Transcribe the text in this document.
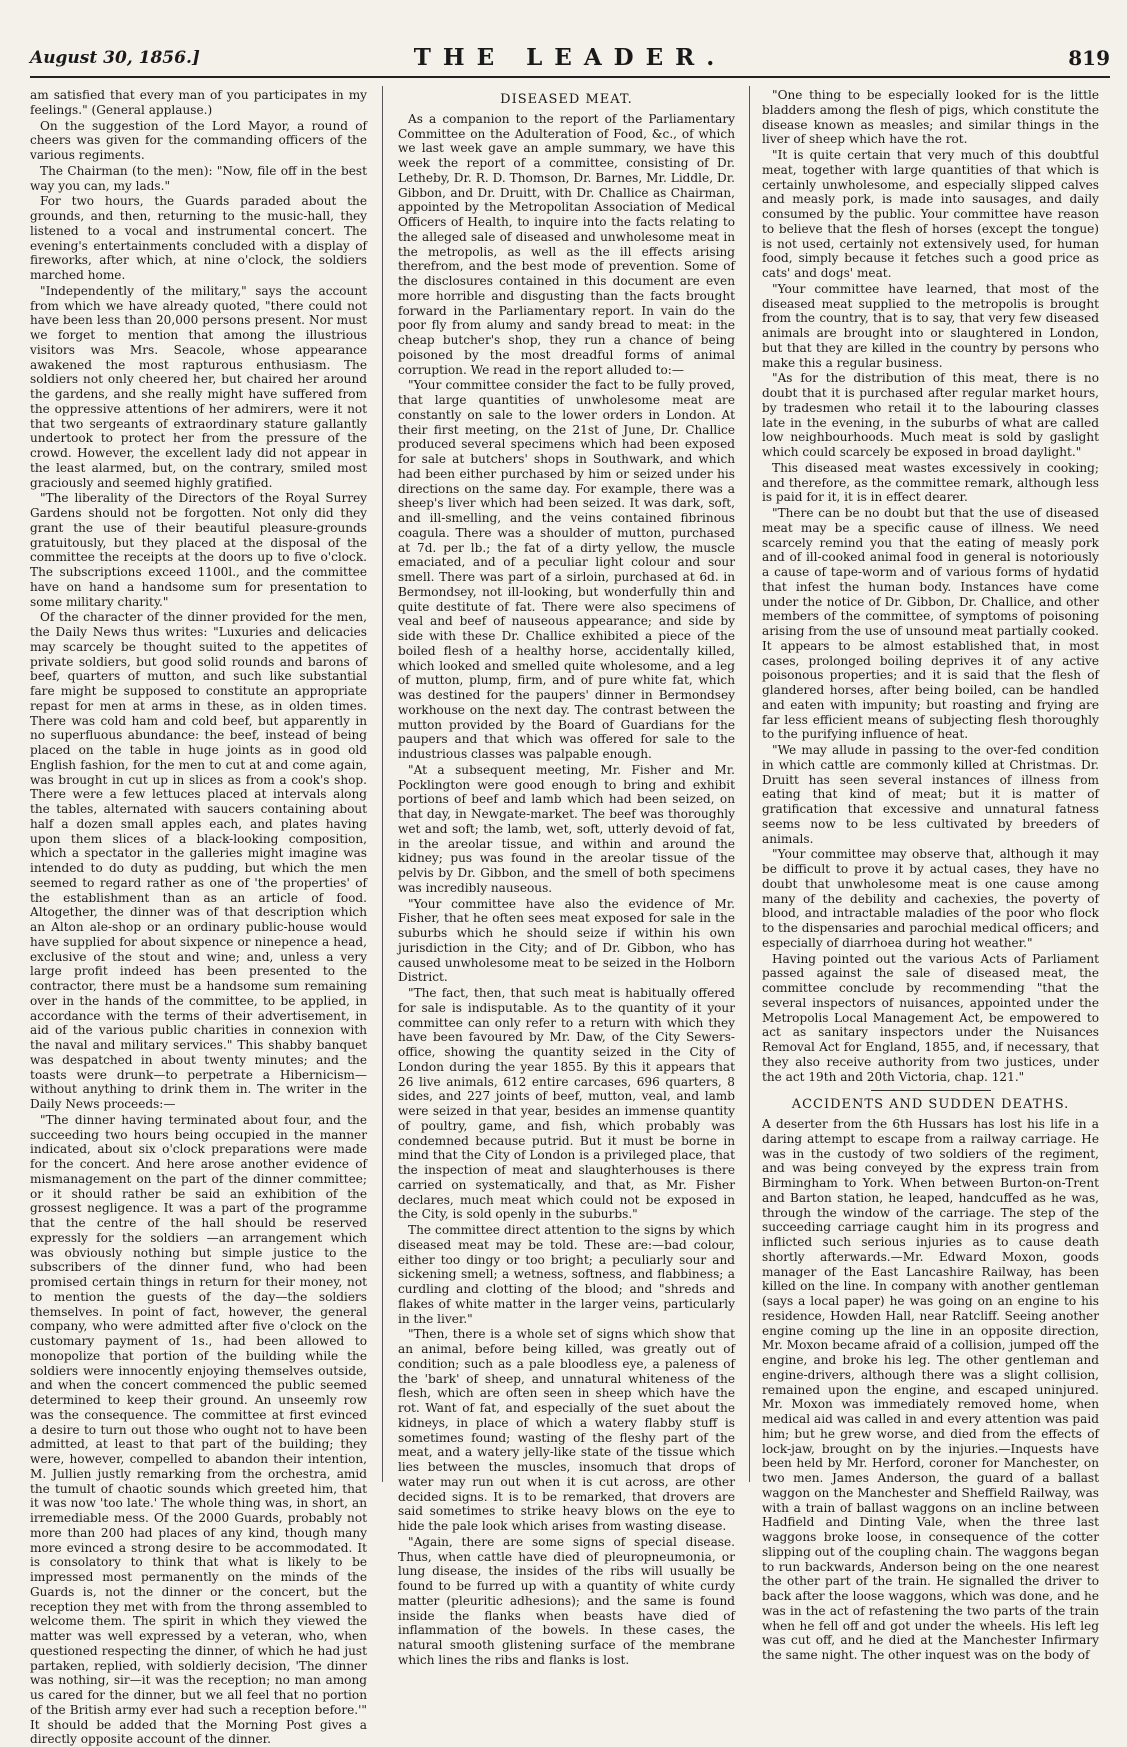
August 30, 1856.]	THE LEADER.	819

am satisfied that every man of you participates in my feelings." (General applause.)

On the suggestion of the Lord Mayor, a round of cheers was given for the commanding officers of the various regiments.

The Chairman (to the men): "Now, file off in the best way you can, my lads."

For two hours, the Guards paraded about the grounds, and then, returning to the music-hall, they listened to a vocal and instrumental concert. The evening's entertainments concluded with a display of fireworks, after which, at nine o'clock, the soldiers marched home.

"Independently of the military," says the account from which we have already quoted, "there could not have been less than 20,000 persons present. Nor must we forget to mention that among the illustrious visitors was Mrs. Seacole, whose appearance awakened the most rapturous enthusiasm. The soldiers not only cheered her, but chaired her around the gardens, and she really might have suffered from the oppressive attentions of her admirers, were it not that two sergeants of extraordinary stature gallantly undertook to protect her from the pressure of the crowd. However, the excellent lady did not appear in the least alarmed, but, on the contrary, smiled most graciously and seemed highly gratified.

"The liberality of the Directors of the Royal Surrey Gardens should not be forgotten. Not only did they grant the use of their beautiful pleasure-grounds gratuitously, but they placed at the disposal of the committee the receipts at the doors up to five o'clock. The subscriptions exceed 1100l., and the committee have on hand a handsome sum for presentation to some military charity."

Of the character of the dinner provided for the men, the Daily News thus writes: "Luxuries and delicacies may scarcely be thought suited to the appetites of private soldiers, but good solid rounds and barons of beef, quarters of mutton, and such like substantial fare might be supposed to constitute an appropriate repast for men at arms in these, as in olden times. There was cold ham and cold beef, but apparently in no superfluous abundance: the beef, instead of being placed on the table in huge joints as in good old English fashion, for the men to cut at and come again, was brought in cut up in slices as from a cook's shop. There were a few lettuces placed at intervals along the tables, alternated with saucers containing about half a dozen small apples each, and plates having upon them slices of a black-looking composition, which a spectator in the galleries might imagine was intended to do duty as pudding, but which the men seemed to regard rather as one of 'the properties' of the establishment than as an article of food. Altogether, the dinner was of that description which an Alton ale-shop or an ordinary public-house would have supplied for about sixpence or ninepence a head, exclusive of the stout and wine; and, unless a very large profit indeed has been presented to the contractor, there must be a handsome sum remaining over in the hands of the committee, to be applied, in accordance with the terms of their advertisement, in aid of the various public charities in connexion with the naval and military services." This shabby banquet was despatched in about twenty minutes; and the toasts were drunk—to perpetrate a Hibernicism—without anything to drink them in. The writer in the Daily News proceeds:—

"The dinner having terminated about four, and the succeeding two hours being occupied in the manner indicated, about six o'clock preparations were made for the concert. And here arose another evidence of mismanagement on the part of the dinner committee; or it should rather be said an exhibition of the grossest negligence. It was a part of the programme that the centre of the hall should be reserved expressly for the soldiers —an arrangement which was obviously nothing but simple justice to the subscribers of the dinner fund, who had been promised certain things in return for their money, not to mention the guests of the day—the soldiers themselves. In point of fact, however, the general company, who were admitted after five o'clock on the customary payment of 1s., had been allowed to monopolize that portion of the building while the soldiers were innocently enjoying themselves outside, and when the concert commenced the public seemed determined to keep their ground. An unseemly row was the consequence. The committee at first evinced a desire to turn out those who ought not to have been admitted, at least to that part of the building; they were, however, compelled to abandon their intention, M. Jullien justly remarking from the orchestra, amid the tumult of chaotic sounds which greeted him, that it was now 'too late.' The whole thing was, in short, an irremediable mess. Of the 2000 Guards, probably not more than 200 had places of any kind, though many more evinced a strong desire to be accommodated. It is consolatory to think that what is likely to be impressed most permanently on the minds of the Guards is, not the dinner or the concert, but the reception they met with from the throng assembled to welcome them. The spirit in which they viewed the matter was well expressed by a veteran, who, when questioned respecting the dinner, of which he had just partaken, replied, with soldierly decision, 'The dinner was nothing, sir—it was the reception; no man among us cared for the dinner, but we all feel that no portion of the British army ever had such a reception before.'" It should be added that the Morning Post gives a directly opposite account of the dinner.

DISEASED MEAT.

As a companion to the report of the Parliamentary Committee on the Adulteration of Food, &c., of which we last week gave an ample summary, we have this week the report of a committee, consisting of Dr. Letheby, Dr. R. D. Thomson, Dr. Barnes, Mr. Liddle, Dr. Gibbon, and Dr. Druitt, with Dr. Challice as Chairman, appointed by the Metropolitan Association of Medical Officers of Health, to inquire into the facts relating to the alleged sale of diseased and unwholesome meat in the metropolis, as well as the ill effects arising therefrom, and the best mode of prevention. Some of the disclosures contained in this document are even more horrible and disgusting than the facts brought forward in the Parliamentary report. In vain do the poor fly from alumy and sandy bread to meat: in the cheap butcher's shop, they run a chance of being poisoned by the most dreadful forms of animal corruption. We read in the report alluded to:—

"Your committee consider the fact to be fully proved, that large quantities of unwholesome meat are constantly on sale to the lower orders in London. At their first meeting, on the 21st of June, Dr. Challice produced several specimens which had been exposed for sale at butchers' shops in Southwark, and which had been either purchased by him or seized under his directions on the same day. For example, there was a sheep's liver which had been seized. It was dark, soft, and ill-smelling, and the veins contained fibrinous coagula. There was a shoulder of mutton, purchased at 7d. per lb.; the fat of a dirty yellow, the muscle emaciated, and of a peculiar light colour and sour smell. There was part of a sirloin, purchased at 6d. in Bermondsey, not ill-looking, but wonderfully thin and quite destitute of fat. There were also specimens of veal and beef of nauseous appearance; and side by side with these Dr. Challice exhibited a piece of the boiled flesh of a healthy horse, accidentally killed, which looked and smelled quite wholesome, and a leg of mutton, plump, firm, and of pure white fat, which was destined for the paupers' dinner in Bermondsey workhouse on the next day. The contrast between the mutton provided by the Board of Guardians for the paupers and that which was offered for sale to the industrious classes was palpable enough.

"At a subsequent meeting, Mr. Fisher and Mr. Pocklington were good enough to bring and exhibit portions of beef and lamb which had been seized, on that day, in Newgate-market. The beef was thoroughly wet and soft; the lamb, wet, soft, utterly devoid of fat, in the areolar tissue, and within and around the kidney; pus was found in the areolar tissue of the pelvis by Dr. Gibbon, and the smell of both specimens was incredibly nauseous.

"Your committee have also the evidence of Mr. Fisher, that he often sees meat exposed for sale in the suburbs which he should seize if within his own jurisdiction in the City; and of Dr. Gibbon, who has caused unwholesome meat to be seized in the Holborn District.

"The fact, then, that such meat is habitually offered for sale is indisputable. As to the quantity of it your committee can only refer to a return with which they have been favoured by Mr. Daw, of the City Sewers-office, showing the quantity seized in the City of London during the year 1855. By this it appears that 26 live animals, 612 entire carcases, 696 quarters, 8 sides, and 227 joints of beef, mutton, veal, and lamb were seized in that year, besides an immense quantity of poultry, game, and fish, which probably was condemned because putrid. But it must be borne in mind that the City of London is a privileged place, that the inspection of meat and slaughterhouses is there carried on systematically, and that, as Mr. Fisher declares, much meat which could not be exposed in the City, is sold openly in the suburbs."

The committee direct attention to the signs by which diseased meat may be told. These are:—bad colour, either too dingy or too bright; a peculiarly sour and sickening smell; a wetness, softness, and flabbiness; a curdling and clotting of the blood; and "shreds and flakes of white matter in the larger veins, particularly in the liver."

"Then, there is a whole set of signs which show that an animal, before being killed, was greatly out of condition; such as a pale bloodless eye, a paleness of the 'bark' of sheep, and unnatural whiteness of the flesh, which are often seen in sheep which have the rot. Want of fat, and especially of the suet about the kidneys, in place of which a watery flabby stuff is sometimes found; wasting of the fleshy part of the meat, and a watery jelly-like state of the tissue which lies between the muscles, insomuch that drops of water may run out when it is cut across, are other decided signs. It is to be remarked, that drovers are said sometimes to strike heavy blows on the eye to hide the pale look which arises from wasting disease.

"Again, there are some signs of special disease. Thus, when cattle have died of pleuropneumonia, or lung disease, the insides of the ribs will usually be found to be furred up with a quantity of white curdy matter (pleuritic adhesions); and the same is found inside the flanks when beasts have died of inflammation of the bowels. In these cases, the natural smooth glistening surface of the membrane which lines the ribs and flanks is lost.

"One thing to be especially looked for is the little bladders among the flesh of pigs, which constitute the disease known as measles; and similar things in the liver of sheep which have the rot.

"It is quite certain that very much of this doubtful meat, together with large quantities of that which is certainly unwholesome, and especially slipped calves and measly pork, is made into sausages, and daily consumed by the public. Your committee have reason to believe that the flesh of horses (except the tongue) is not used, certainly not extensively used, for human food, simply because it fetches such a good price as cats' and dogs' meat.

"Your committee have learned, that most of the diseased meat supplied to the metropolis is brought from the country, that is to say, that very few diseased animals are brought into or slaughtered in London, but that they are killed in the country by persons who make this a regular business.

"As for the distribution of this meat, there is no doubt that it is purchased after regular market hours, by tradesmen who retail it to the labouring classes late in the evening, in the suburbs of what are called low neighbourhoods. Much meat is sold by gaslight which could scarcely be exposed in broad daylight."

This diseased meat wastes excessively in cooking; and therefore, as the committee remark, although less is paid for it, it is in effect dearer.

"There can be no doubt but that the use of diseased meat may be a specific cause of illness. We need scarcely remind you that the eating of measly pork and of ill-cooked animal food in general is notoriously a cause of tape-worm and of various forms of hydatid that infest the human body. Instances have come under the notice of Dr. Gibbon, Dr. Challice, and other members of the committee, of symptoms of poisoning arising from the use of unsound meat partially cooked. It appears to be almost established that, in most cases, prolonged boiling deprives it of any active poisonous properties; and it is said that the flesh of glandered horses, after being boiled, can be handled and eaten with impunity; but roasting and frying are far less efficient means of subjecting flesh thoroughly to the purifying influence of heat.

"We may allude in passing to the over-fed condition in which cattle are commonly killed at Christmas. Dr. Druitt has seen several instances of illness from eating that kind of meat; but it is matter of gratification that excessive and unnatural fatness seems now to be less cultivated by breeders of animals.

"Your committee may observe that, although it may be difficult to prove it by actual cases, they have no doubt that unwholesome meat is one cause among many of the debility and cachexies, the poverty of blood, and intractable maladies of the poor who flock to the dispensaries and parochial medical officers; and especially of diarrhoea during hot weather."

Having pointed out the various Acts of Parliament passed against the sale of diseased meat, the committee conclude by recommending "that the several inspectors of nuisances, appointed under the Metropolis Local Management Act, be empowered to act as sanitary inspectors under the Nuisances Removal Act for England, 1855, and, if necessary, that they also receive authority from two justices, under the act 19th and 20th Victoria, chap. 121."

ACCIDENTS AND SUDDEN DEATHS.

A deserter from the 6th Hussars has lost his life in a daring attempt to escape from a railway carriage. He was in the custody of two soldiers of the regiment, and was being conveyed by the express train from Birmingham to York. When between Burton-on-Trent and Barton station, he leaped, handcuffed as he was, through the window of the carriage. The step of the succeeding carriage caught him in its progress and inflicted such serious injuries as to cause death shortly afterwards.—Mr. Edward Moxon, goods manager of the East Lancashire Railway, has been killed on the line. In company with another gentleman (says a local paper) he was going on an engine to his residence, Howden Hall, near Ratcliff. Seeing another engine coming up the line in an opposite direction, Mr. Moxon became afraid of a collision, jumped off the engine, and broke his leg. The other gentleman and engine-drivers, although there was a slight collision, remained upon the engine, and escaped uninjured. Mr. Moxon was immediately removed home, when medical aid was called in and every attention was paid him; but he grew worse, and died from the effects of lock-jaw, brought on by the injuries.—Inquests have been held by Mr. Herford, coroner for Manchester, on two men. James Anderson, the guard of a ballast waggon on the Manchester and Sheffield Railway, was with a train of ballast waggons on an incline between Hadfield and Dinting Vale, when the three last waggons broke loose, in consequence of the cotter slipping out of the coupling chain. The waggons began to run backwards, Anderson being on the one nearest the other part of the train. He signalled the driver to back after the loose waggons, which was done, and he was in the act of refastening the two parts of the train when he fell off and got under the wheels. His left leg was cut off, and he died at the Manchester Infirmary the same night. The other inquest was on the body of
